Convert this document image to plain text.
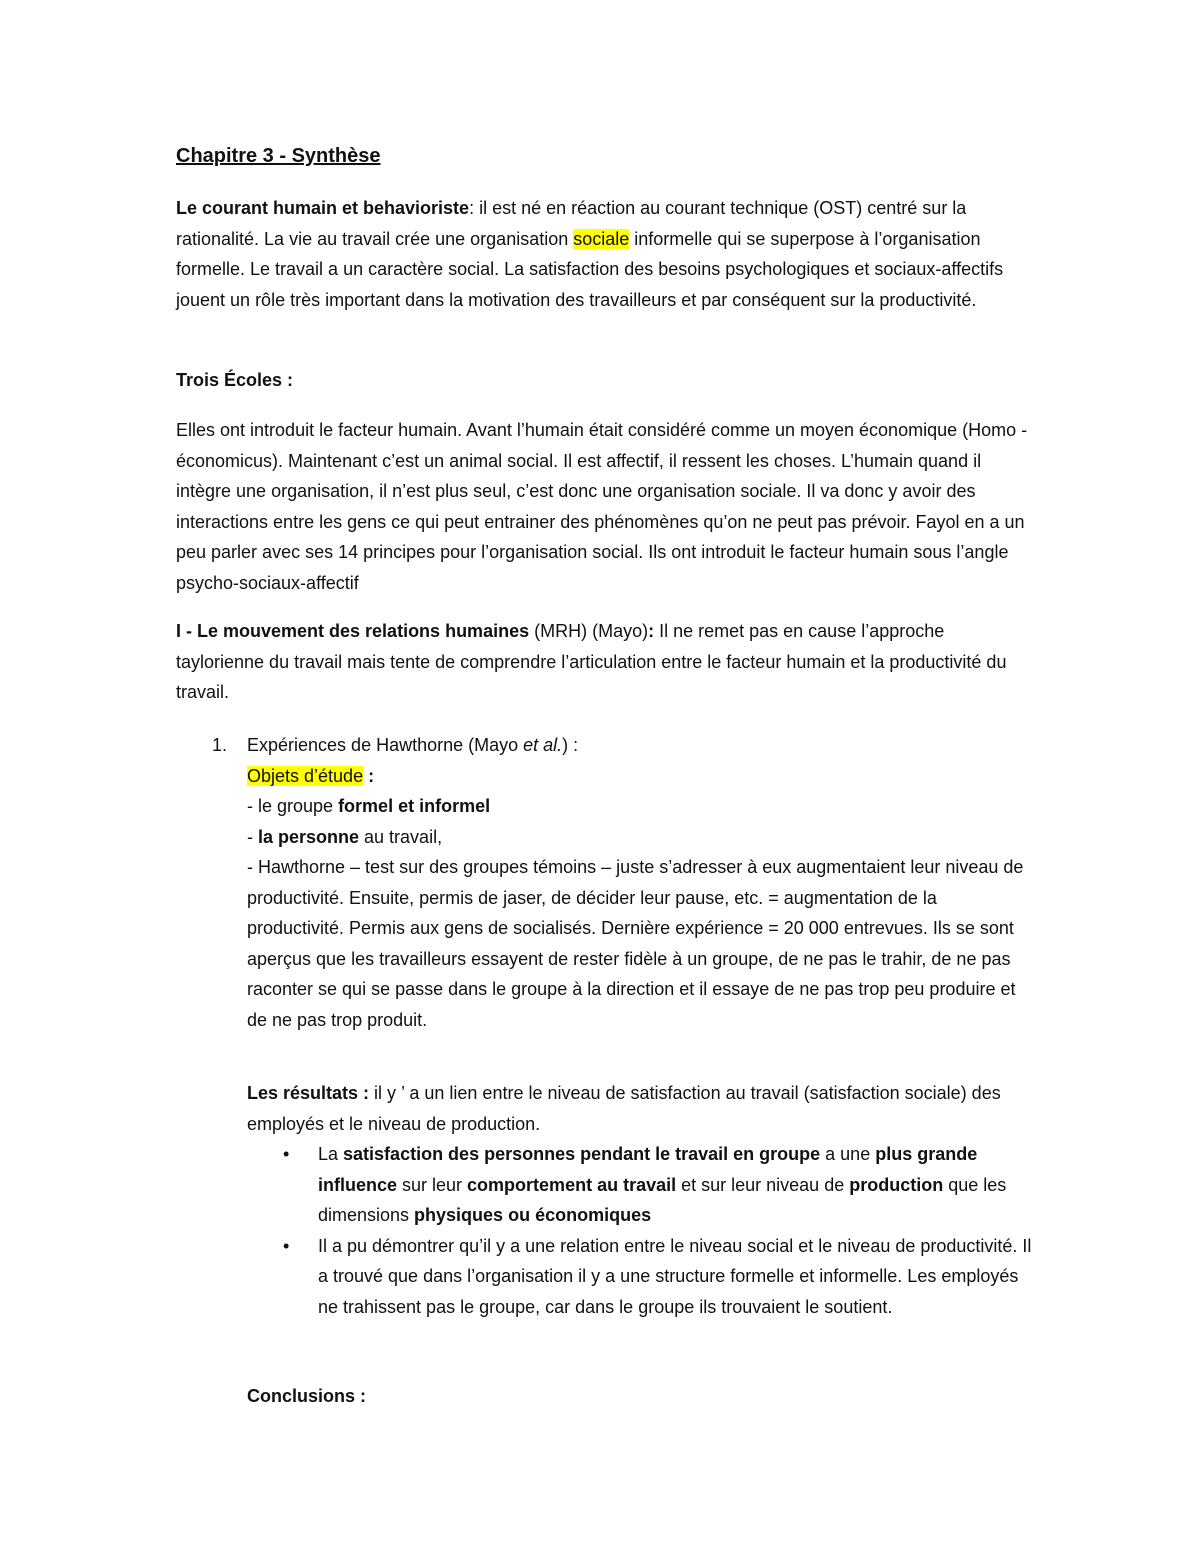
Chapitre 3 - Synthèse

Le courant humain et behavioriste: il est né en réaction au courant technique (OST) centré sur la rationalité. La vie au travail crée une organisation sociale informelle qui se superpose à l’organisation formelle. Le travail a un caractère social. La satisfaction des besoins psychologiques et sociaux-affectifs jouent un rôle très important dans la motivation des travailleurs et par conséquent sur la productivité.

Trois Écoles :
Elles ont introduit le facteur humain. Avant l’humain était considéré comme un moyen économique (Homo - économicus). Maintenant c’est un animal social. Il est affectif, il ressent les choses. L’humain quand il intègre une organisation, il n’est plus seul, c’est donc une organisation sociale. Il va donc y avoir des interactions entre les gens ce qui peut entrainer des phénomènes qu’on ne peut pas prévoir. Fayol en a un peu parler avec ses 14 principes pour l’organisation social. Ils ont introduit le facteur humain sous l’angle psycho-sociaux-affectif

I - Le mouvement des relations humaines (MRH) (Mayo): Il ne remet pas en cause l’approche taylorienne du travail mais tente de comprendre l’articulation entre le facteur humain et la productivité du travail.

1. Expériences de Hawthorne (Mayo et al.) :

Objets d’étude :

- le groupe formel et informel

- la personne au travail,

- Hawthorne – test sur des groupes témoins – juste s’adresser à eux augmentaient leur niveau de productivité. Ensuite, permis de jaser, de décider leur pause, etc. = augmentation de la productivité. Permis aux gens de socialisés. Dernière expérience = 20 000 entrevues. Ils se sont aperçus que les travailleurs essayent de rester fidèle à un groupe, de ne pas le trahir, de ne pas raconter se qui se passe dans le groupe à la direction et il essaye de ne pas trop peu produire et de ne pas trop produit.

Les résultats : il y ’ a un lien entre le niveau de satisfaction au travail (satisfaction sociale) des employés et le niveau de production.

• La satisfaction des personnes pendant le travail en groupe a une plus grande influence sur leur comportement au travail et sur leur niveau de production que les dimensions physiques ou économiques

• Il a pu démontrer qu’il y a une relation entre le niveau social et le niveau de productivité. Il a trouvé que dans l’organisation il y a une structure formelle et informelle. Les employés ne trahissent pas le groupe, car dans le groupe ils trouvaient le soutient.

Conclusions :
